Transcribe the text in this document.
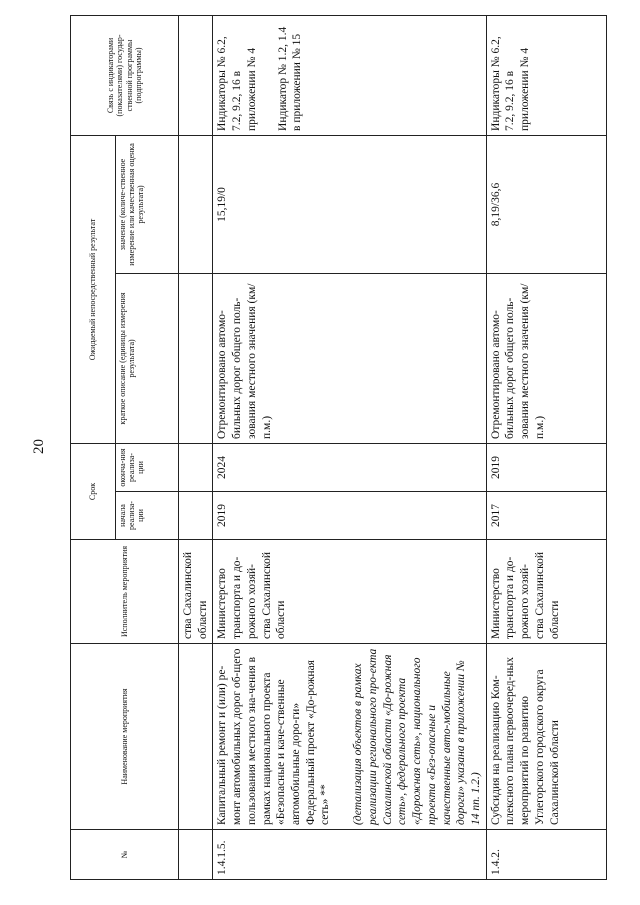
20
№	Наименование мероприятия	Исполнитель мероприятия	Срок		Ожидаемый непосредственный результат		Связь с индикаторами (показателями) государ-ственной программы (подпрограммы)
			начала реализа-ции	оконча-ния реализа-ции	краткое описание (единицы измерения результата)	значение (количе-ственное измерение или качественная оценка результата)	
		ства Сахалинской области					
1.4.1.5.	Капитальный ремонт и (или) ре-монт автомобильных дорог об-щего пользования местного зна-чения в рамках национального проекта «Безопасные и каче-ственные автомобильные доро-ги» Федеральный проект «До-рожная сеть» ** (детализация объектов в рамках реализации регионального про-екта Сахалинской области «До-рожная сеть», федерального проекта «Дорожная сеть», национального проекта «Без-опасные и качественные авто-мобильные дороги» указана в приложении № 14 пп. 1.2.)	Министерство транспорта и до-рожного хозяй-ства Сахалинской области	2019	2024	Отремонтировано автомо-бильных дорог общего поль-зования местного значения (км/п.м.)	15,19/0	Индикаторы № 6.2, 7.2, 9.2, 16 в приложении № 4 Индикатор № 1.2, 1.4 в приложении № 15

1.4.2.	Субсидия на реализацию Ком-плексного плана первоочеред-ных мероприятий по развитию Углегорского городского округа Сахалинской области	Министерство транспорта и до-рожного хозяй-ства Сахалинской области	2017	2019	Отремонтировано автомо-бильных дорог общего поль-зования местного значения (км/п.м.)	8,19/36,6	Индикаторы № 6.2, 7.2, 9.2, 16 в приложении № 4
